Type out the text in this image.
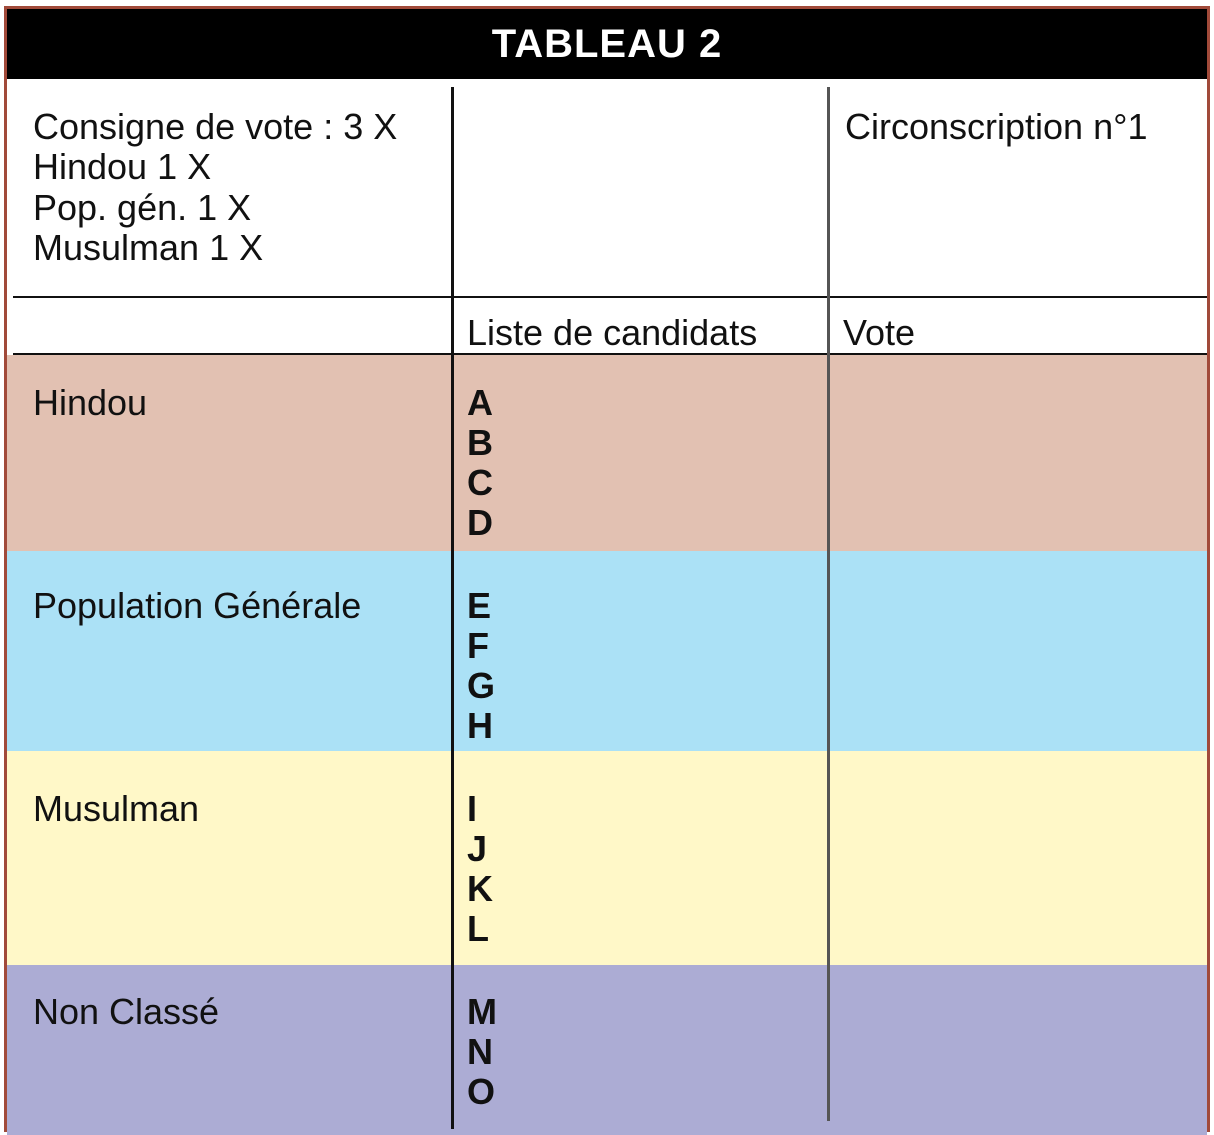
TABLEAU 2
Consigne de vote : 3 X
Hindou 1 X
Pop. gén. 1 X
Musulman 1 X
Circonscription n°1
Liste de candidats Vote
Hindou
Population Générale
Musulman
Non Classé
A
B
C
D
E
F
G
H
I
J
K
L
M
N
O
